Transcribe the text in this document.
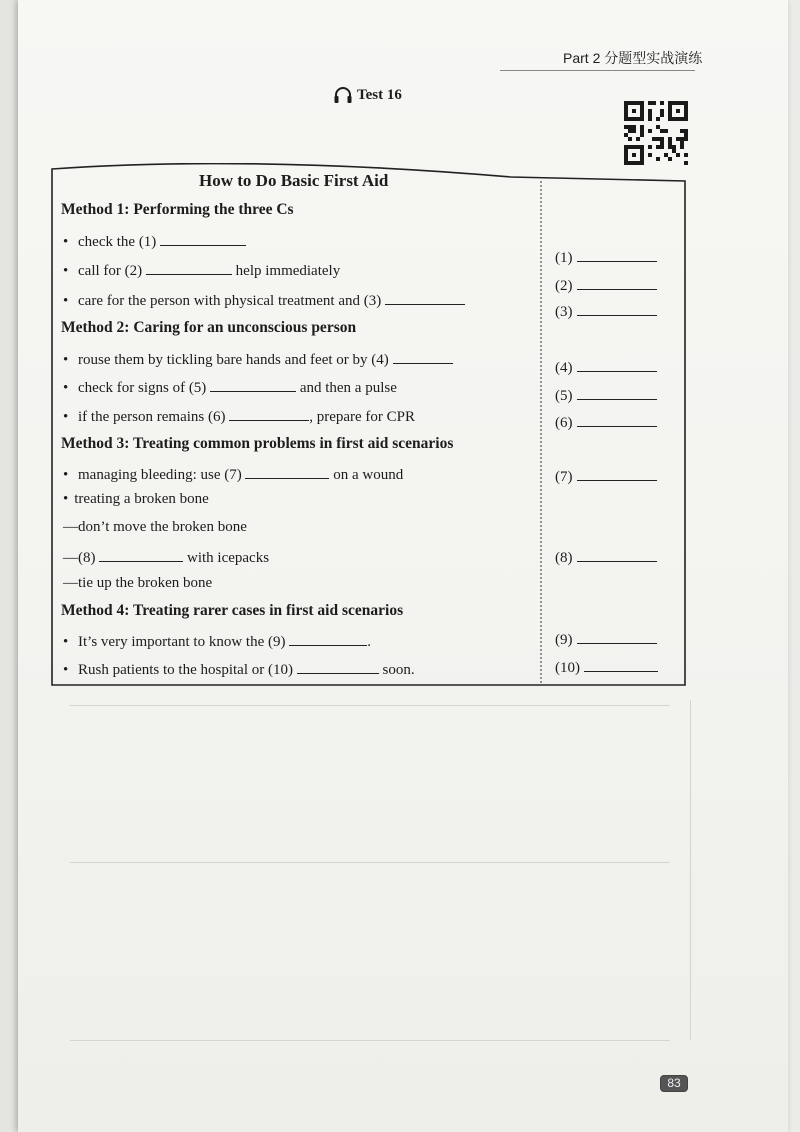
Part 2 分题型实战演练
Test 16
How to Do Basic First Aid
Method 1: Performing the three Cs
• check the (1)
• call for (2)	help immediately
• care for the person with physical treatment and (3)
Method 2: Caring for an unconscious person
• rouse them by tickling bare hands and feet or by (4)
• check for signs of (5)	and then a pulse
• if the person remains (6)	, prepare for CPR
Method 3: Treating common problems in first aid scenarios
• managing bleeding: use (7)	on a wound
• treating a broken bone
—don’t move the broken bone
—(8)	with icepacks
—tie up the broken bone
Method 4: Treating rarer cases in first aid scenarios
• It’s very important to know the (9)	.
• Rush patients to the hospital or (10)	soon.
(1)
(2)
(3)
(4)
(5)
(6)
(7)
(8)
(9)
(10)
83
